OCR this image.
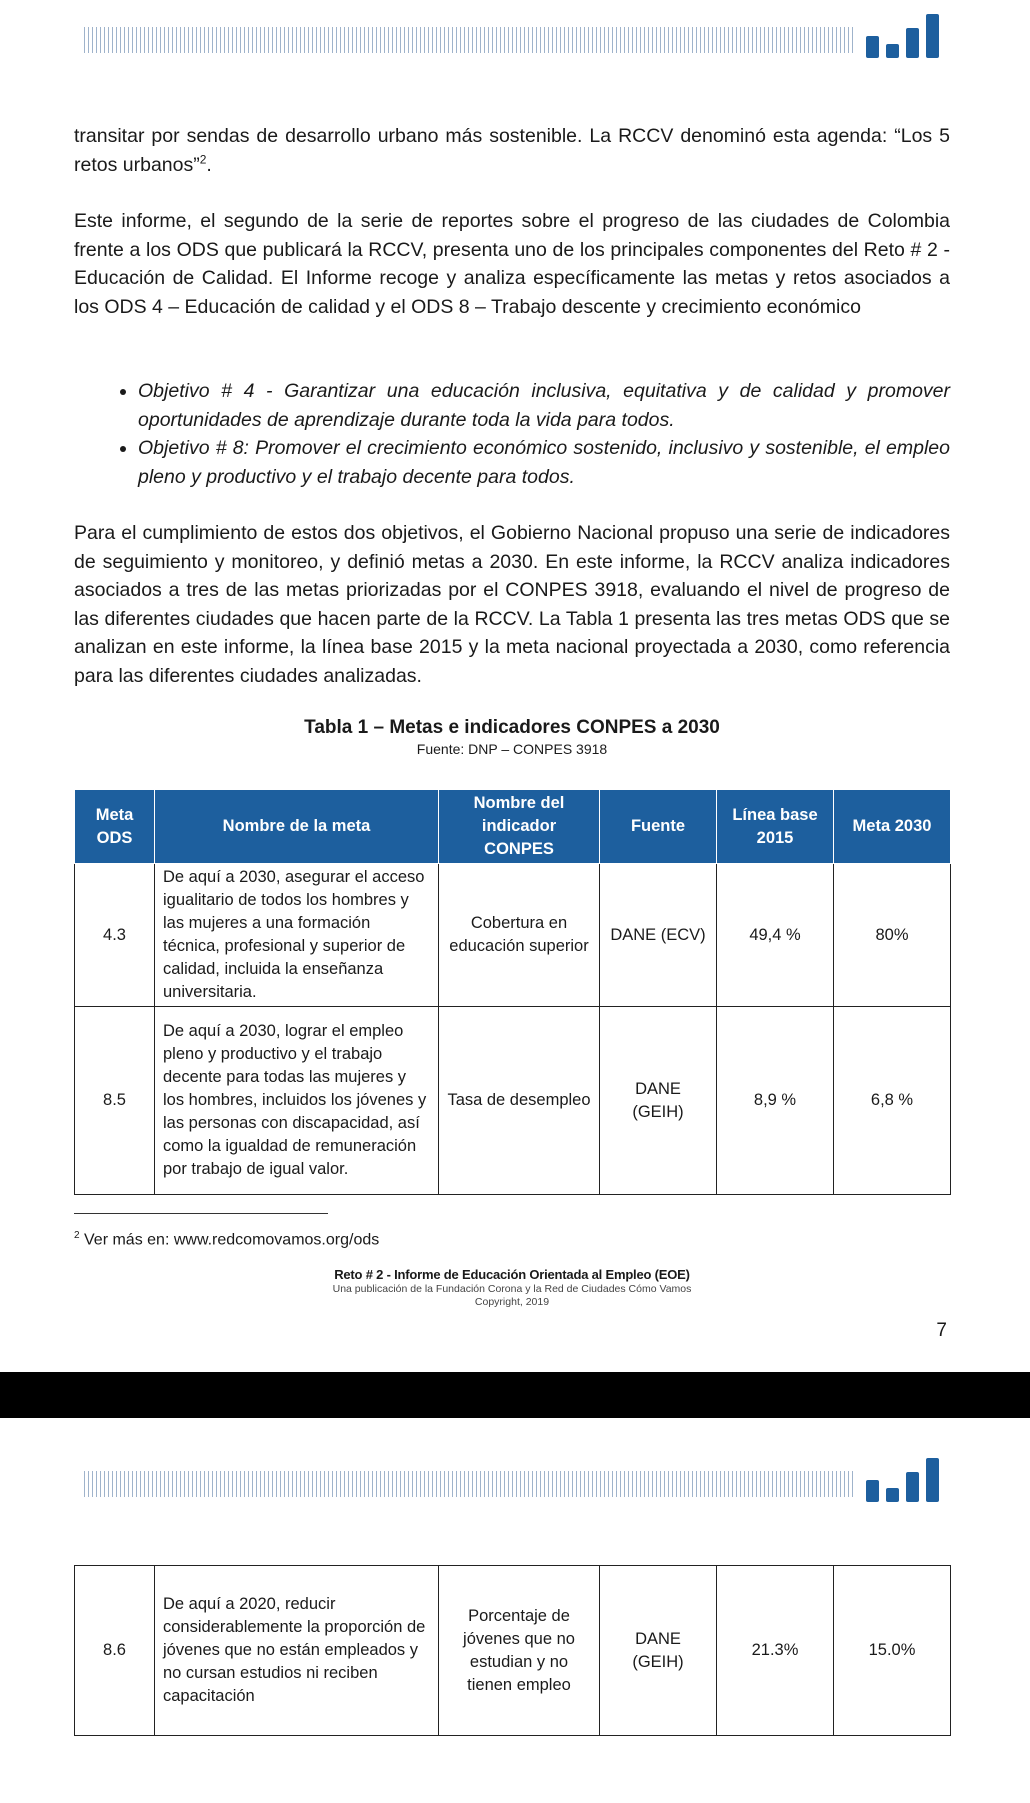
transitar por sendas de desarrollo urbano más sostenible. La RCCV denominó esta agenda: “Los 5 retos urbanos”$^2$.
Este informe, el segundo de la serie de reportes sobre el progreso de las ciudades de Colombia frente a los ODS que publicará la RCCV, presenta uno de los principales componentes del Reto # 2 - Educación de Calidad. El Informe recoge y analiza específicamente las metas y retos asociados a los ODS 4 – Educación de calidad y el ODS 8 – Trabajo descente y crecimiento económico
• Objetivo # 4 - Garantizar una educación inclusiva, equitativa y de calidad y promover oportunidades de aprendizaje durante toda la vida para todos.
• Objetivo # 8: Promover el crecimiento económico sostenido, inclusivo y sostenible, el empleo pleno y productivo y el trabajo decente para todos.
Para el cumplimiento de estos dos objetivos, el Gobierno Nacional propuso una serie de indicadores de seguimiento y monitoreo, y definió metas a 2030. En este informe, la RCCV analiza indicadores asociados a tres de las metas priorizadas por el CONPES 3918, evaluando el nivel de progreso de las diferentes ciudades que hacen parte de la RCCV. La Tabla 1 presenta las tres metas ODS que se analizan en este informe, la línea base 2015 y la meta nacional proyectada a 2030, como referencia para las diferentes ciudades analizadas.
Tabla 1 – Metas e indicadores CONPES a 2030
Fuente: DNP – CONPES 3918
Meta ODS	Nombre de la meta	Nombre del indicador CONPES	Fuente	Línea base 2015	Meta 2030
4.3	De aquí a 2030, asegurar el acceso igualitario de todos los hombres y las mujeres a una formación técnica, profesional y superior de calidad, incluida la enseñanza universitaria.	Cobertura en educación superior	DANE (ECV)	49,4 %	80%
8.5	De aquí a 2030, lograr el empleo pleno y productivo y el trabajo decente para todas las mujeres y los hombres, incluidos los jóvenes y las personas con discapacidad, así como la igualdad de remuneración por trabajo de igual valor.	Tasa de desempleo	DANE (GEIH)	8,9 %	6,8 %
$^2$ Ver más en: www.redcomovamos.org/ods
Reto # 2 - Informe de Educación Orientada al Empleo (EOE)
Una publicación de la Fundación Corona y la Red de Ciudades Cómo Vamos
Copyright, 2019
7
8.6	De aquí a 2020, reducir considerablemente la proporción de jóvenes que no están empleados y no cursan estudios ni reciben capacitación	Porcentaje de jóvenes que no estudian y no tienen empleo	DANE (GEIH)	21.3%	15.0%
